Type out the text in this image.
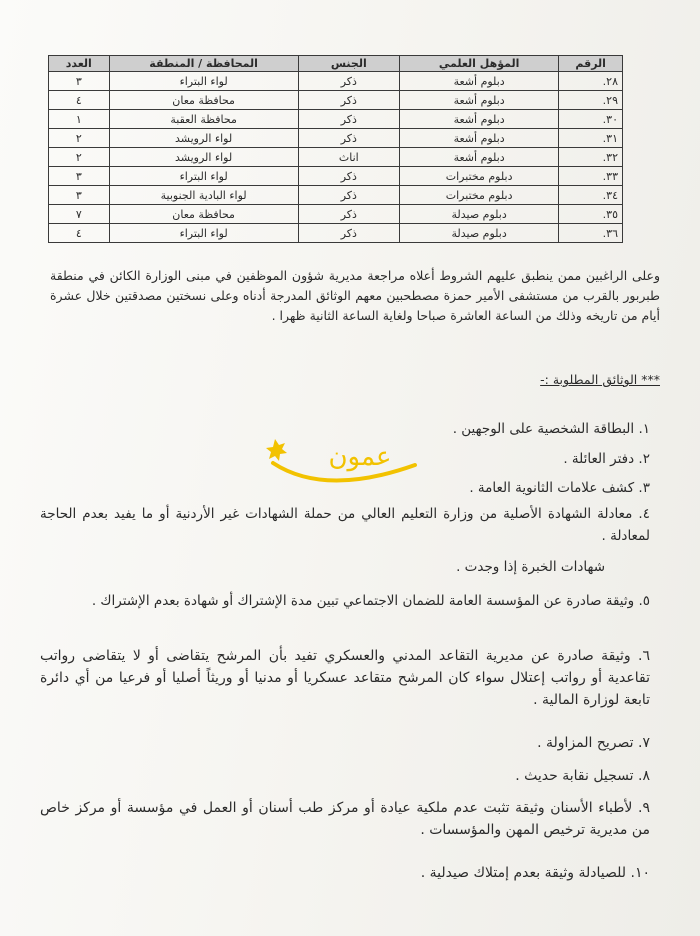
الرقم	المؤهل العلمي	الجنس	المحافظة / المنطقة	العدد
٢٨.	دبلوم أشعة	ذكر	لواء البتراء	٣
٢٩.	دبلوم أشعة	ذكر	محافظة معان	٤
٣٠.	دبلوم أشعة	ذكر	محافظة العقبة	١
٣١.	دبلوم أشعة	ذكر	لواء الرويشد	٢
٣٢.	دبلوم أشعة	اناث	لواء الرويشد	٢
٣٣.	دبلوم مختبرات	ذكر	لواء البتراء	٣
٣٤.	دبلوم مختبرات	ذكر	لواء البادية الجنوبية	٣
٣٥.	دبلوم صيدلة	ذكر	محافظة معان	٧
٣٦.	دبلوم صيدلة	ذكر	لواء البتراء	٤
وعلى الراغبين ممن ينطبق عليهم الشروط أعلاه مراجعة مديرية شؤون الموظفين في مبنى الوزارة الكائن في منطقة طبربور بالقرب من مستشفى الأمير حمزة مصطحبين معهم الوثائق المدرجة أدناه وعلى نسختين مصدقتين خلال عشرة أيام من تاريخه وذلك من الساعة العاشرة صباحا ولغاية الساعة الثانية ظهرا .
*** الوثائق المطلوبة :-
١. البطاقة الشخصية على الوجهين .
٢. دفتر العائلة .
٣. كشف علامات الثانوية العامة .
٤. معادلة الشهادة الأصلية من وزارة التعليم العالي من حملة الشهادات غير الأردنية أو ما يفيد بعدم الحاجة لمعادلة .
شهادات الخبرة إذا وجدت .
٥. وثيقة صادرة عن المؤسسة العامة للضمان الاجتماعي تبين مدة الإشتراك أو شهادة بعدم الإشتراك .
٦. وثيقة صادرة عن مديرية التقاعد المدني والعسكري تفيد بأن المرشح يتقاضى أو لا يتقاضى رواتب تقاعدية أو رواتب إعتلال سواء كان المرشح متقاعد عسكريا أو مدنيا أو وريثاً أصليا أو فرعيا من أي دائرة تابعة لوزارة المالية .
٧. تصريح المزاولة .
٨. تسجيل نقابة حديث .
٩. لأطباء الأسنان وثيقة تثبت عدم ملكية عيادة أو مركز طب أسنان أو العمل في مؤسسة أو مركز خاص من مديرية ترخيص المهن والمؤسسات .
١٠. للصيادلة وثيقة بعدم إمتلاك صيدلية .
عمون
